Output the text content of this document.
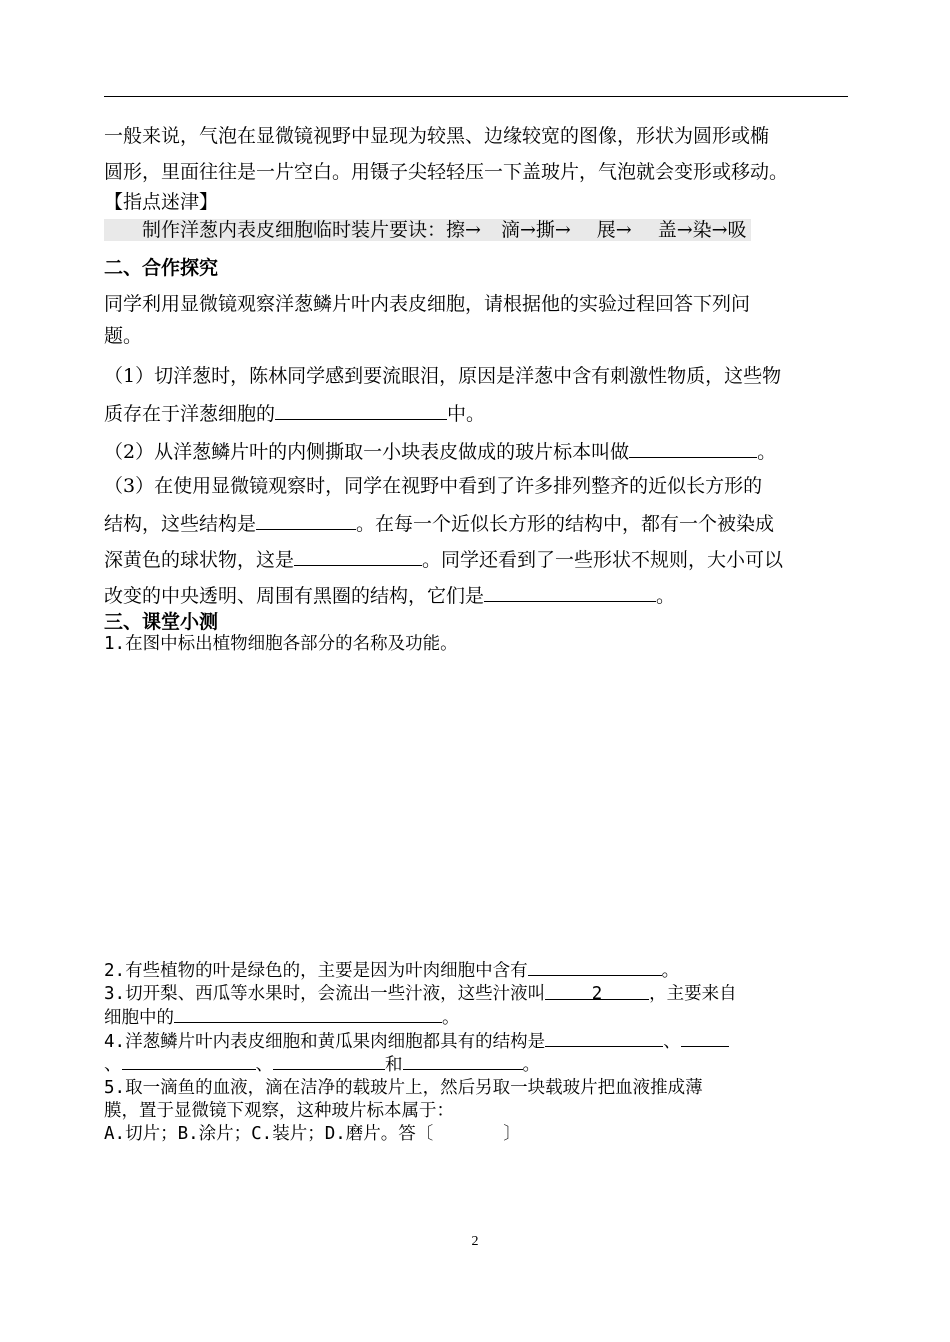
一般来说，气泡在显微镜视野中显现为较黑、边缘较宽的图像，形状为圆形或椭
圆形，里面往往是一片空白。用镊子尖轻轻压一下盖玻片，气泡就会变形或移动。
【指点迷津】
制作洋葱内表皮细胞临时装片要诀：擦→ 滴→撕→ 展→ 盖→染→吸
二、合作探究
同学利用显微镜观察洋葱鳞片叶内表皮细胞，请根据他的实验过程回答下列问
题。
（1）切洋葱时，陈林同学感到要流眼泪，原因是洋葱中含有刺激性物质，这些物
质存在于洋葱细胞的	中。
（2）从洋葱鳞片叶的内侧撕取一小块表皮做成的玻片标本叫做	。
（3）在使用显微镜观察时，同学在视野中看到了许多排列整齐的近似长方形的
结构，这些结构是	。在每一个近似长方形的结构中，都有一个被染成
深黄色的球状物，这是	。同学还看到了一些形状不规则，大小可以
改变的中央透明、周围有黑圈的结构，它们是	。
三、课堂小测
1.在图中标出植物细胞各部分的名称及功能。
2.有些植物的叶是绿色的，主要是因为叶肉细胞中含有	。
3.切开梨、西瓜等水果时，会流出一些汁液，这些汁液叫	2	，主要来自
细胞中的	。
4.洋葱鳞片叶内表皮细胞和黄瓜果肉细胞都具有的结构是	、
、	、	和	。
5.取一滴鱼的血液，滴在洁净的载玻片上，然后另取一块载玻片把血液推成薄
膜，置于显微镜下观察，这种玻片标本属于：
A.切片；B.涂片；C.装片；D.磨片。答〔	〕
2
